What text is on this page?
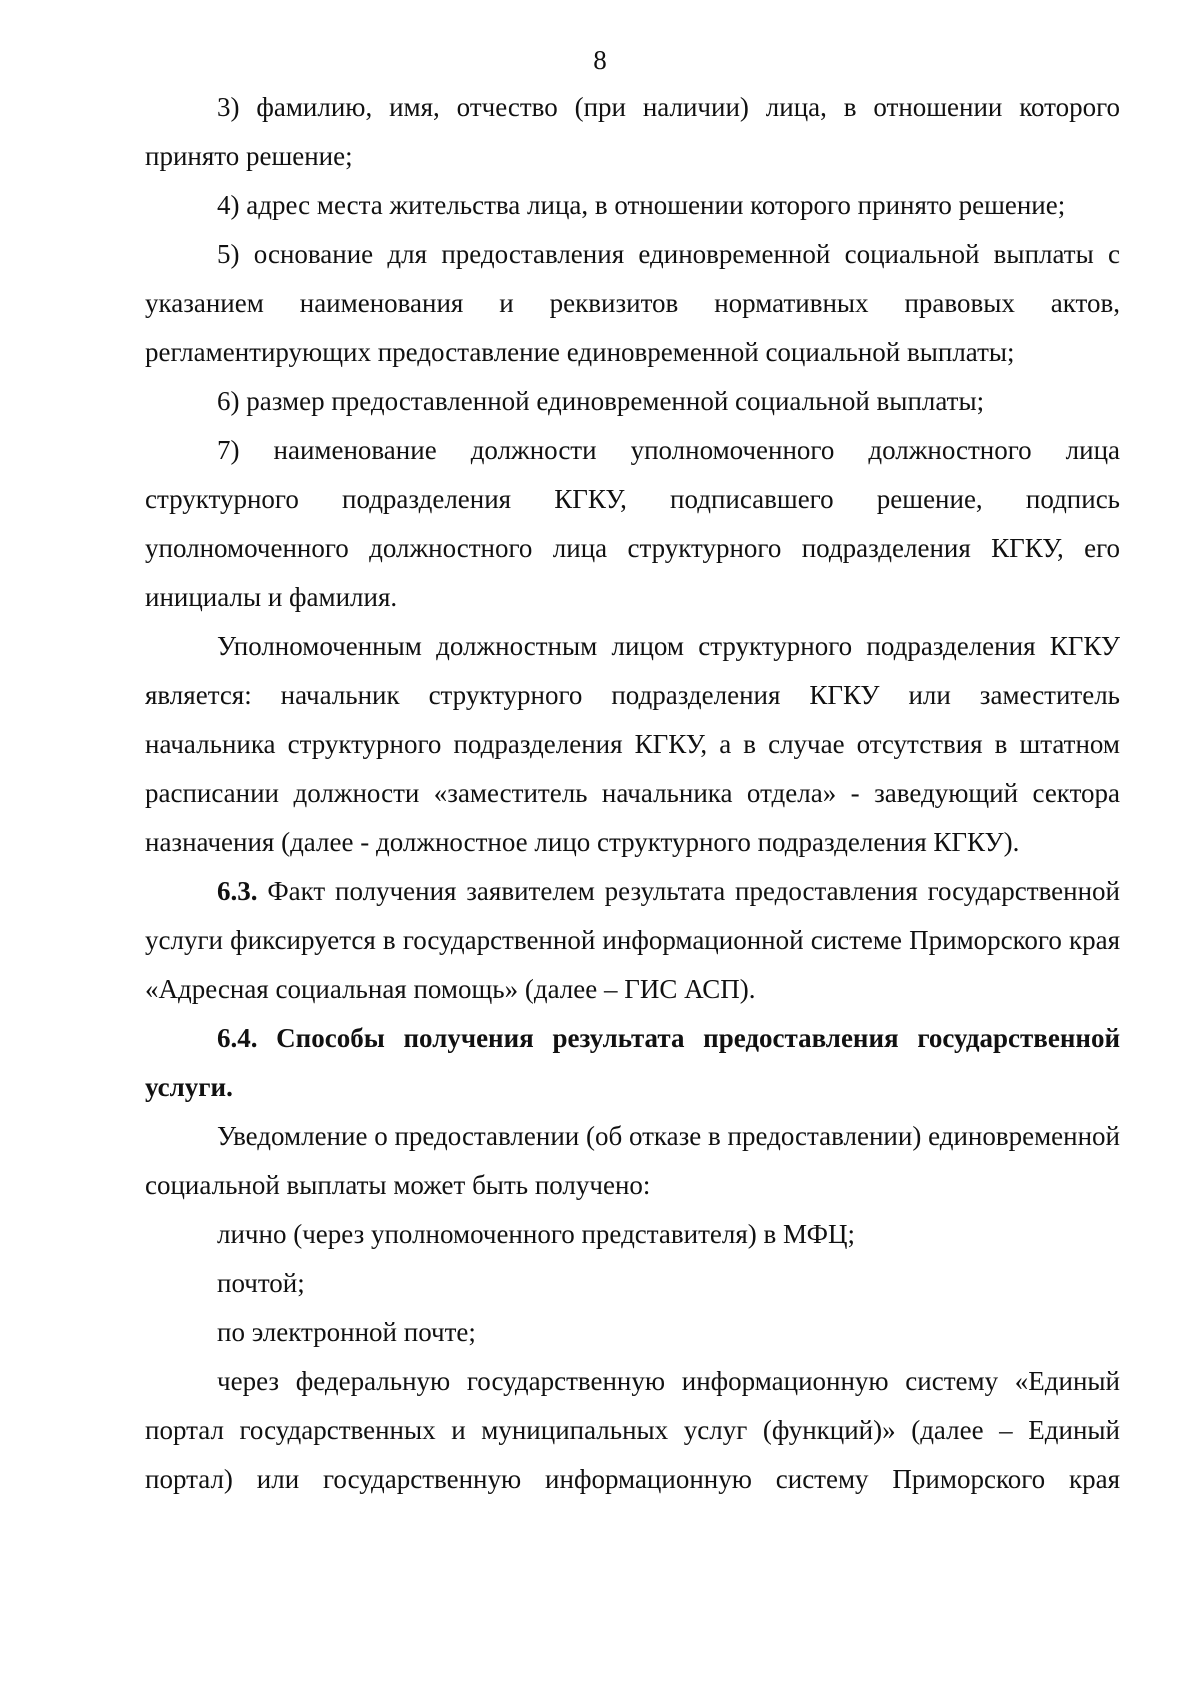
8

3) фамилию, имя, отчество (при наличии) лица, в отношении которого принято решение;

4) адрес места жительства лица, в отношении которого принято решение;

5) основание для предоставления единовременной социальной выплаты с указанием наименования и реквизитов нормативных правовых актов, регламентирующих предоставление единовременной социальной выплаты;

6) размер предоставленной единовременной социальной выплаты;

7) наименование должности уполномоченного должностного лица структурного подразделения КГКУ, подписавшего решение, подпись уполномоченного должностного лица структурного подразделения КГКУ, его инициалы и фамилия.

Уполномоченным должностным лицом структурного подразделения КГКУ является: начальник структурного подразделения КГКУ или заместитель начальника структурного подразделения КГКУ, а в случае отсутствия в штатном расписании должности «заместитель начальника отдела» - заведующий сектора назначения (далее - должностное лицо структурного подразделения КГКУ).

6.3. Факт получения заявителем результата предоставления государственной услуги фиксируется в государственной информационной системе Приморского края «Адресная социальная помощь» (далее – ГИС АСП).

6.4. Способы получения результата предоставления государственной услуги.

Уведомление о предоставлении (об отказе в предоставлении) единовременной социальной выплаты может быть получено:

лично (через уполномоченного представителя) в МФЦ;

почтой;

по электронной почте;

через федеральную государственную информационную систему «Единый портал государственных и муниципальных услуг (функций)» (далее – Единый портал) или государственную информационную систему Приморского края
